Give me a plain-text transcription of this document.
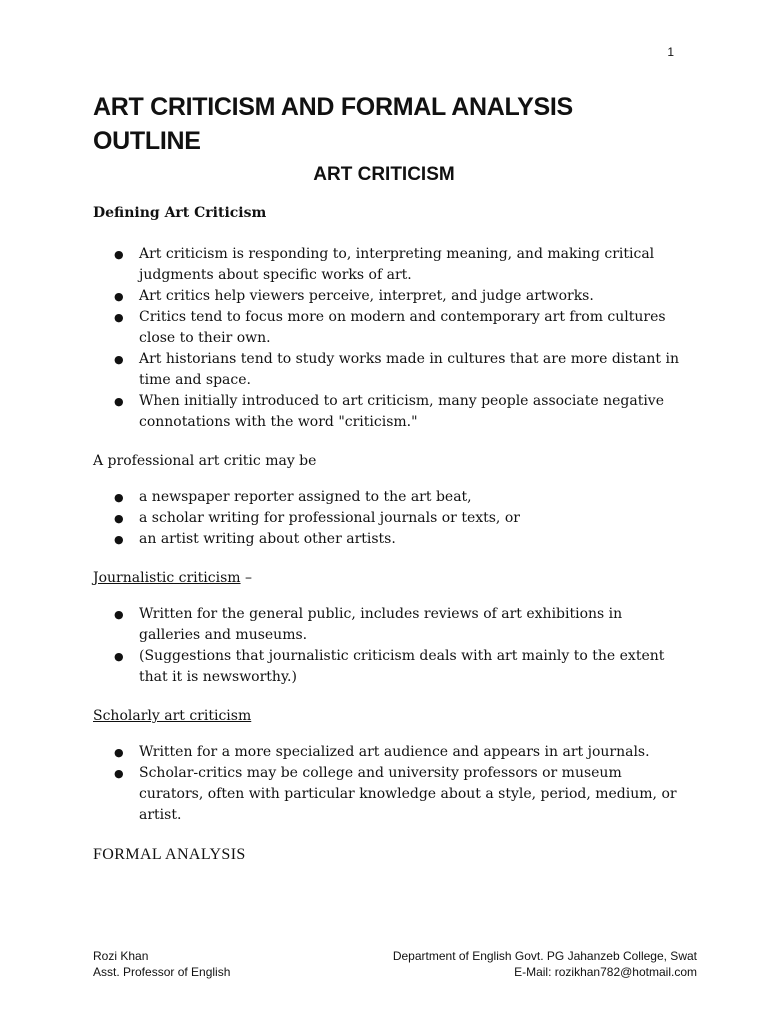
1
ART CRITICISM AND FORMAL ANALYSIS OUTLINE
ART CRITICISM

Defining Art Criticism

● Art criticism is responding to, interpreting meaning, and making critical judgments about specific works of art.
● Art critics help viewers perceive, interpret, and judge artworks.
● Critics tend to focus more on modern and contemporary art from cultures close to their own.
● Art historians tend to study works made in cultures that are more distant in time and space.
● When initially introduced to art criticism, many people associate negative connotations with the word "criticism."

A professional art critic may be

● a newspaper reporter assigned to the art beat,
● a scholar writing for professional journals or texts, or
● an artist writing about other artists.

Journalistic criticism –

● Written for the general public, includes reviews of art exhibitions in galleries and museums.
● (Suggestions that journalistic criticism deals with art mainly to the extent that it is newsworthy.)

Scholarly art criticism

● Written for a more specialized art audience and appears in art journals.
● Scholar-critics may be college and university professors or museum curators, often with particular knowledge about a style, period, medium, or artist.

FORMAL ANALYSIS

Rozi Khan
Asst. Professor of English
Department of English Govt. PG Jahanzeb College, Swat
E-Mail: rozikhan782@hotmail.com
